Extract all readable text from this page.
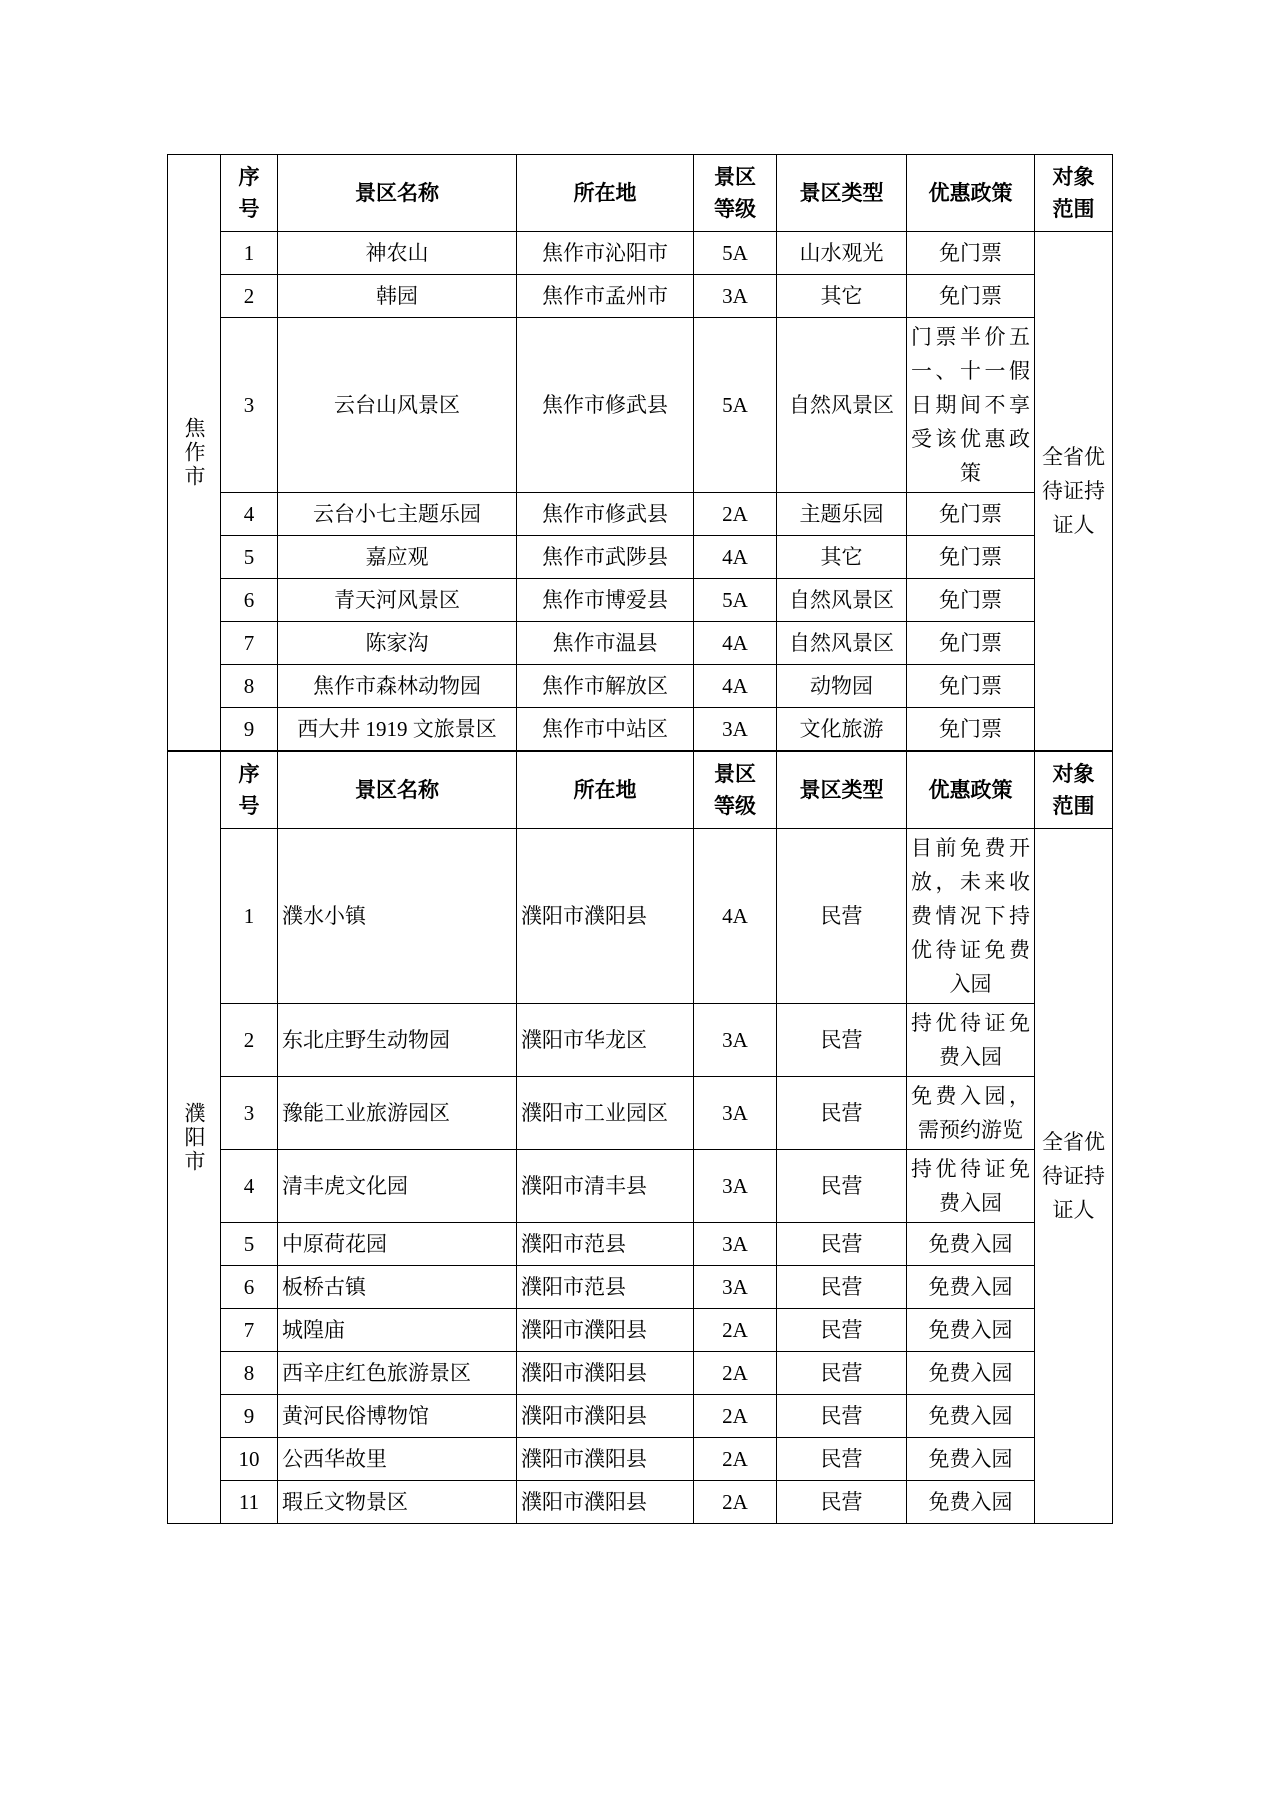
焦作市	序号	景区名称	所在地	景区等级	景区类型	优惠政策	对象范围
	1	神农山	焦作市沁阳市	5A	山水观光	免门票	全省优待证持证人
	2	韩园	焦作市孟州市	3A	其它	免门票	
	3	云台山风景区	焦作市修武县	5A	自然风景区	门票半价五一、十一假日期间不享受该优惠政策	
	4	云台小七主题乐园	焦作市修武县	2A	主题乐园	免门票	
	5	嘉应观	焦作市武陟县	4A	其它	免门票	
	6	青天河风景区	焦作市博爱县	5A	自然风景区	免门票	
	7	陈家沟	焦作市温县	4A	自然风景区	免门票	
	8	焦作市森林动物园	焦作市解放区	4A	动物园	免门票	
	9	西大井 1919 文旅景区	焦作市中站区	3A	文化旅游	免门票	
濮阳市	序号	景区名称	所在地	景区等级	景区类型	优惠政策	对象范围
	1	濮水小镇	濮阳市濮阳县	4A	民营	目前免费开放，未来收费情况下持优待证免费入园	全省优待证持证人
	2	东北庄野生动物园	濮阳市华龙区	3A	民营	持优待证免费入园	
	3	豫能工业旅游园区	濮阳市工业园区	3A	民营	免费入园，需预约游览	
	4	清丰虎文化园	濮阳市清丰县	3A	民营	持优待证免费入园	
	5	中原荷花园	濮阳市范县	3A	民营	免费入园	
	6	板桥古镇	濮阳市范县	3A	民营	免费入园	
	7	城隍庙	濮阳市濮阳县	2A	民营	免费入园	
	8	西辛庄红色旅游景区	濮阳市濮阳县	2A	民营	免费入园	
	9	黄河民俗博物馆	濮阳市濮阳县	2A	民营	免费入园	
	10	公西华故里	濮阳市濮阳县	2A	民营	免费入园	
	11	瑕丘文物景区	濮阳市濮阳县	2A	民营	免费入园	
